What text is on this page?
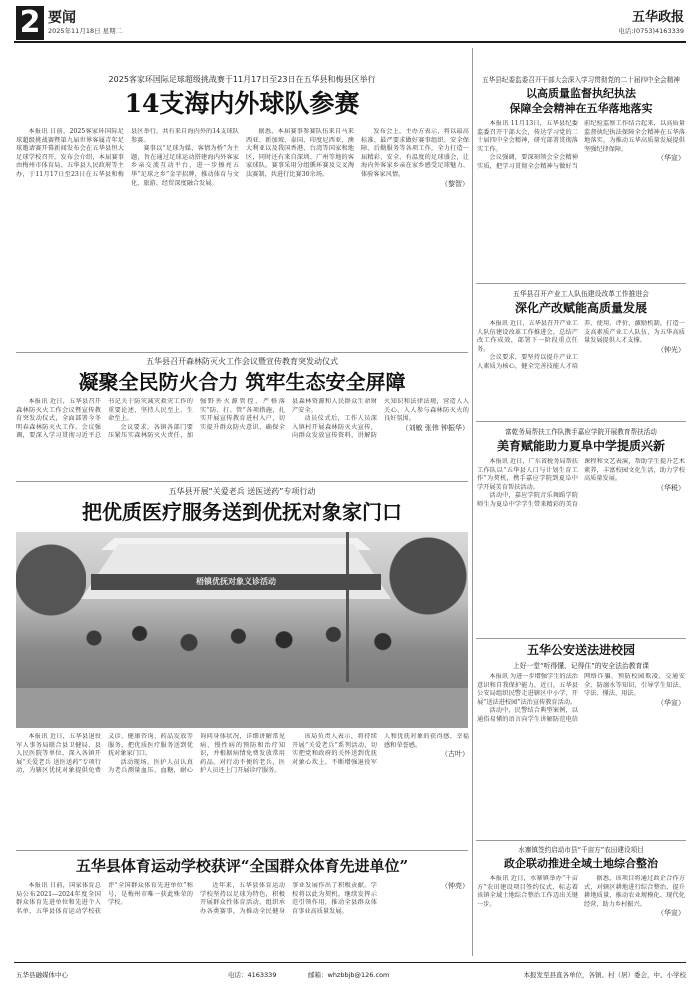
2 要闻
2025年11月18日 星期二
五华政报
电话:(0753)4163339
2025客家环国际足球超级挑战赛于11月17日至23日在五华县和梅县区举行
14支海内外球队参赛

本报讯 日前，2025客家环国际足球超级挑战赛暨第九届世界客属青年足球邀请赛开幕新闻发布会在五华县恒大足球学校召开。发布会介绍，本届赛事由梅州市体育局、五华县人民政府等主办，于11月17日至23日在五华县和梅县区举行，共有来自海内外的14支球队参赛。

赛事以“足球为媒、客情为桥”为主题，旨在通过足球运动搭建海内外客家乡亲交流互动平台，进一步擦亮五华“足球之乡”金字招牌，推动体育与文化、旅游、经贸深度融合发展。

据悉，本届赛事参赛队伍来自马来西亚、新加坡、泰国、印度尼西亚、澳大利亚以及我国香港、台湾等国家和地区，同时还有来自深圳、广州等地的客家球队。赛事采用分组循环赛及交叉淘汰赛制，共进行比赛30余场。

发布会上，主办方表示，将以最高标准、最严要求做好赛事组织、安全保障、后勤服务等各项工作，全力打造一届精彩、安全、有温度的足球盛会，让海内外客家乡亲在家乡感受足球魅力、体验客家风情。

（黎智）
五华县召开森林防灭火工作会议暨宣传教育突发动仪式
凝聚全民防火合力 筑牢生态安全屏障

本报讯 近日，五华县召开森林防灭火工作会议暨宣传教育突发动仪式，全面部署今冬明春森林防灭火工作。会议强调，要深入学习贯彻习近平总书记关于防灾减灾救灾工作的重要论述，坚持人民至上、生命至上。

会议要求，各镇各部门要压紧压实森林防灭火责任，加强野外火源管控，严格落实“防、打、管”各项措施，扎实开展宣传教育进村入户，切实提升群众防火意识，确保全县森林资源和人民群众生命财产安全。

动员仪式后，工作人员深入镇村开展森林防灭火宣传，向群众发放宣传资料，讲解防火知识和法律法规，营造人人关心、人人参与森林防灭火的良好氛围。

（刘敏 张伟 钟振华）
五华县开展“关爱老兵 送医送药”专项行动
把优质医疗服务送到优抚对象家门口
梧镇优抚对象义诊活动

本报讯 近日，五华县退役军人事务局联合县卫健局、县人民医院等单位，深入各镇开展“关爱老兵 送医送药”专项行动，为辖区优抚对象提供免费义诊、健康咨询、药品发放等服务，把优质医疗服务送到优抚对象家门口。

活动现场，医护人员认真为老兵测量血压、血糖，耐心询问身体状况，详细讲解常见病、慢性病的预防和治疗知识，并根据病情免费发放常用药品。对行动不便的老兵，医护人员还上门开展诊疗服务。

该局负责人表示，将持续开展“关爱老兵”系列活动，切实把党和政府的关怀送到优抚对象心坎上，不断增强退役军人和优抚对象的获得感、幸福感和荣誉感。

（古叶）
五华县体育运动学校获评“全国群众体育先进单位”

本报讯 日前，国家体育总局公布2021—2024年度全国群众体育先进单位和先进个人名单，五华县体育运动学校获评“全国群众体育先进单位”称号，是梅州市唯一获此殊荣的学校。

近年来，五华县体育运动学校坚持以足球为特色，积极开展群众性体育活动，组织承办各类赛事，为推动全民健身事业发展作出了积极贡献。学校将以此为契机，继续发挥示范引领作用，推动全县群众体育事业高质量发展。

（钟亮）
五华县纪委监委召开干部大会深入学习贯彻党的二十届四中全会精神
以高质量监督执纪执法
保障全会精神在五华落地落实

本报讯 11月13日，五华县纪委监委召开干部大会，传达学习党的二十届四中全会精神，研究部署贯彻落实工作。

会议强调，要深刻领会全会精神实质，把学习贯彻全会精神与做好当前纪检监察工作结合起来，以高质量监督执纪执法保障全会精神在五华落地落实，为推动五华高质量发展提供坚强纪律保障。

（华宣）
五华县召开产业工人队伍建设改革工作推进会
深化产改赋能高质量发展

本报讯 近日，五华县召开产业工人队伍建设改革工作推进会，总结产改工作成效，部署下一阶段重点任务。

会议要求，要坚持以提升产业工人素质为核心，健全完善技能人才培养、使用、评价、激励机制，打造一支高素质产业工人队伍，为五华高质量发展提供人才支撑。

（钟光）
富乾务局帮扶工作队携手嘉应学院开展教育帮扶活动
美育赋能助力夏阜中学提质兴新

本报讯 近日，广东省税务局帮扶工作队以“五华县人口与计划生育工作”为契机，携手嘉应学院到夏阜中学开展美育帮扶活动。

活动中，嘉应学院音乐舞蹈学院师生为夏阜中学学生带来精彩的美育课程和文艺表演，帮助学生提升艺术素养，丰富校园文化生活，助力学校高质量发展。

（华税）
五华公安送法进校园
上好一堂“听得懂、记得住”的安全法治教育课

本报讯 为进一步增强学生的法治意识和自我保护能力，近日，五华县公安局组织民警走进辖区中小学，开展“送法进校园”法治宣传教育活动。

活动中，民警结合典型案例，以通俗易懂的语言向学生讲解防范电信网络诈骗、预防校园欺凌、交通安全、防溺水等知识，引导学生知法、守法、懂法、用法。

（华宣）
水寨镇签约启动市县“千亩方”农田建设项目
政企联动推进全域土地综合整治

本报讯 近日，水寨镇举办“千亩方”农田建设项目签约仪式，标志着该镇全域土地综合整治工作迈出关键一步。

据悉，该项目将通过政企合作方式，对辖区耕地进行综合整治，提升耕地质量，推动农业规模化、现代化经营，助力乡村振兴。

（华宣）
五华县融媒体中心	电话：4163339	邮箱：whzbbjb@126.com	本报发至县直各单位，各镇、村（居）委会，中、小学校
